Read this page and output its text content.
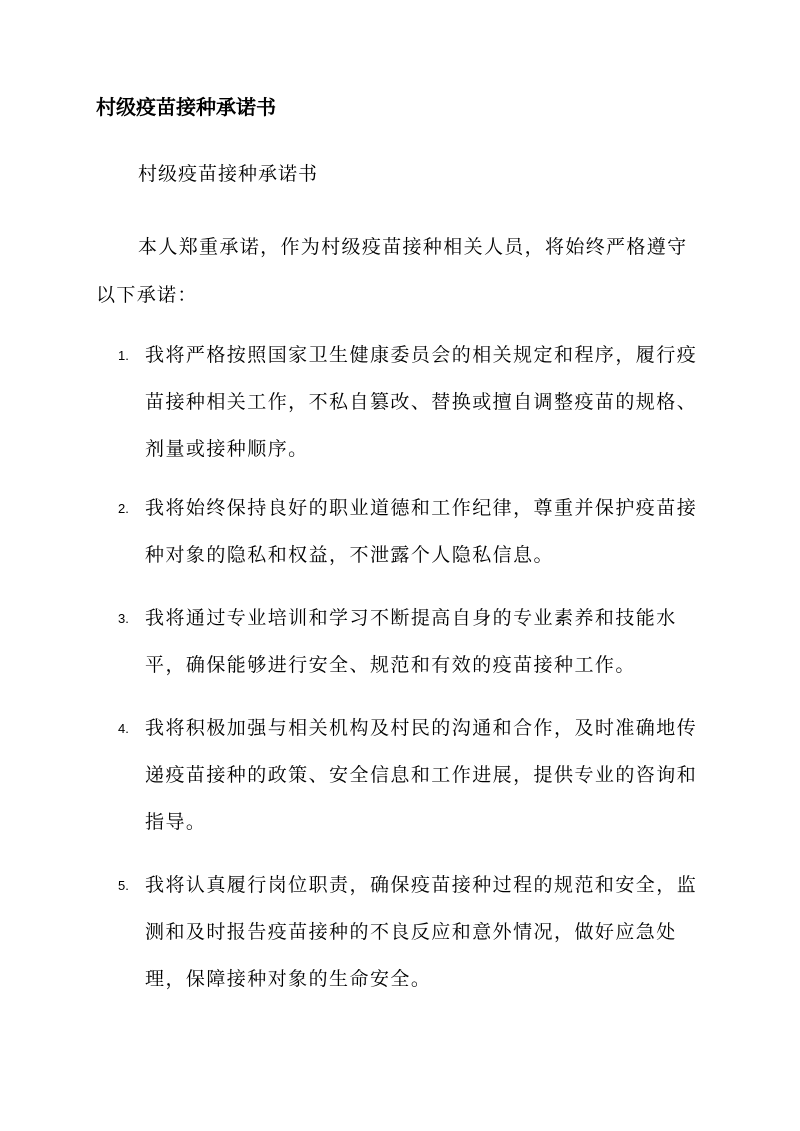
村级疫苗接种承诺书
村级疫苗接种承诺书

本人郑重承诺，作为村级疫苗接种相关人员，将始终严格遵守以下承诺：

1. 我将严格按照国家卫生健康委员会的相关规定和程序，履行疫苗接种相关工作，不私自篡改、替换或擅自调整疫苗的规格、剂量或接种顺序。

2. 我将始终保持良好的职业道德和工作纪律，尊重并保护疫苗接种对象的隐私和权益，不泄露个人隐私信息。

3. 我将通过专业培训和学习不断提高自身的专业素养和技能水平，确保能够进行安全、规范和有效的疫苗接种工作。

4. 我将积极加强与相关机构及村民的沟通和合作，及时准确地传递疫苗接种的政策、安全信息和工作进展，提供专业的咨询和指导。

5. 我将认真履行岗位职责，确保疫苗接种过程的规范和安全，监测和及时报告疫苗接种的不良反应和意外情况，做好应急处理，保障接种对象的生命安全。
